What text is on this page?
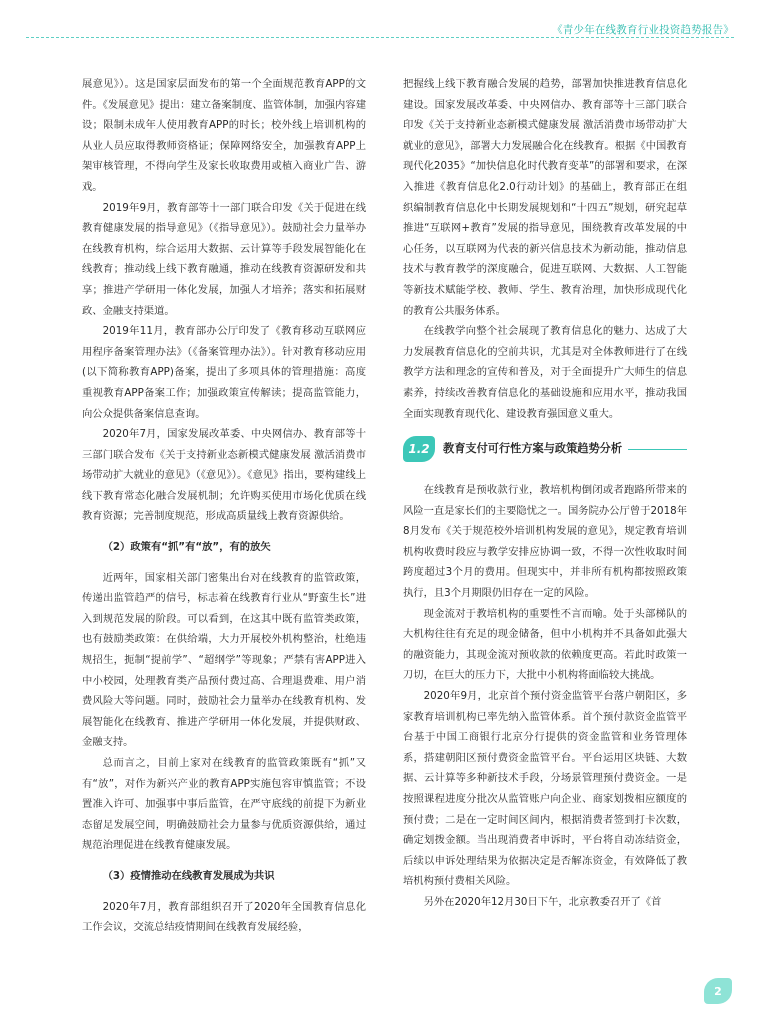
《青少年在线教育行业投资趋势报告》

展意见》）。这是国家层面发布的第一个全面规范教育APP的文件。《发展意见》提出：建立备案制度、监管体制，加强内容建设；限制未成年人使用教育APP的时长；校外线上培训机构的从业人员应取得教师资格证；保障网络安全，加强教育APP上架审核管理，不得向学生及家长收取费用或植入商业广告、游戏。

2019年9月，教育部等十一部门联合印发《关于促进在线教育健康发展的指导意见》（《指导意见》）。鼓励社会力量举办在线教育机构，综合运用大数据、云计算等手段发展智能化在线教育；推动线上线下教育融通，推动在线教育资源研发和共享；推进产学研用一体化发展，加强人才培养；落实和拓展财政、金融支持渠道。

2019年11月，教育部办公厅印发了《教育移动互联网应用程序备案管理办法》（《备案管理办法》）。针对教育移动应用(以下简称教育APP)备案，提出了多项具体的管理措施：高度重视教育APP备案工作；加强政策宣传解读；提高监管能力，向公众提供备案信息查询。

2020年7月，国家发展改革委、中央网信办、教育部等十三部门联合发布《关于支持新业态新模式健康发展 激活消费市场带动扩大就业的意见》（《意见》）。《意见》指出，要构建线上线下教育常态化融合发展机制；允许购买使用市场化优质在线教育资源；完善制度规范，形成高质量线上教育资源供给。

（2）政策有“抓”有“放”，有的放矢

近两年，国家相关部门密集出台对在线教育的监管政策，传递出监管趋严的信号，标志着在线教育行业从“野蛮生长”进入到规范发展的阶段。可以看到，在这其中既有监管类政策，也有鼓励类政策：在供给端，大力开展校外机构整治，杜绝违规招生，扼制“提前学”、“超纲学”等现象；严禁有害APP进入中小校园，处理教育类产品预付费过高、合理退费难、用户消费风险大等问题。同时，鼓励社会力量举办在线教育机构、发展智能化在线教育、推进产学研用一体化发展，并提供财政、金融支持。

总而言之，目前上家对在线教育的监管政策既有“抓”又有“放”，对作为新兴产业的教育APP实施包容审慎监管；不设置准入许可、加强事中事后监管，在严守底线的前提下为新业态留足发展空间，明确鼓励社会力量参与优质资源供给，通过规范治理促进在线教育健康发展。

（3）疫情推动在线教育发展成为共识

2020年7月，教育部组织召开了2020年全国教育信息化工作会议，交流总结疫情期间在线教育发展经验，

把握线上线下教育融合发展的趋势，部署加快推进教育信息化建设。国家发展改革委、中央网信办、教育部等十三部门联合印发《关于支持新业态新模式健康发展 激活消费市场带动扩大就业的意见》，部署大力发展融合化在线教育。根据《中国教育现代化2035》“加快信息化时代教育变革”的部署和要求，在深入推进《教育信息化2.0行动计划》的基础上，教育部正在组织编制教育信息化中长期发展规划和“十四五”规划，研究起草推进“互联网+教育”发展的指导意见，围绕教育改革发展的中心任务，以互联网为代表的新兴信息技术为新动能，推动信息技术与教育教学的深度融合，促进互联网、大数据、人工智能等新技术赋能学校、教师、学生、教育治理，加快形成现代化的教育公共服务体系。

在线教学向整个社会展现了教育信息化的魅力、达成了大力发展教育信息化的空前共识，尤其是对全体教师进行了在线教学方法和理念的宣传和普及，对于全面提升广大师生的信息素养，持续改善教育信息化的基础设施和应用水平，推动我国全面实现教育现代化、建设教育强国意义重大。

1.2	教育支付可行性方案与政策趋势分析

在线教育是预收款行业，教培机构倒闭或者跑路所带来的风险一直是家长们的主要隐忧之一。国务院办公厅曾于2018年8月发布《关于规范校外培训机构发展的意见》，规定教育培训机构收费时段应与教学安排应协调一致，不得一次性收取时间跨度超过3个月的费用。但现实中，并非所有机构都按照政策执行，且3个月期限仍旧存在一定的风险。

现金流对于教培机构的重要性不言而喻。处于头部梯队的大机构往往有充足的现金储备，但中小机构并不具备如此强大的融资能力，其现金流对预收款的依赖度更高。若此时政策一刀切，在巨大的压力下，大批中小机构将面临较大挑战。

2020年9月，北京首个预付资金监管平台落户朝阳区，多家教育培训机构已率先纳入监管体系。首个预付款资金监管平台基于中国工商银行北京分行提供的资金监管和业务管理体系，搭建朝阳区预付费资金监管平台。平台运用区块链、大数据、云计算等多种新技术手段，分场景管理预付费资金。一是按照课程进度分批次从监管账户向企业、商家划拨相应额度的预付费；二是在一定时间区间内，根据消费者签到打卡次数，确定划拨金额。当出现消费者申诉时，平台将自动冻结资金，后续以申诉处理结果为依据决定是否解冻资金，有效降低了教培机构预付费相关风险。

另外在2020年12月30日下午，北京教委召开了《首

2
